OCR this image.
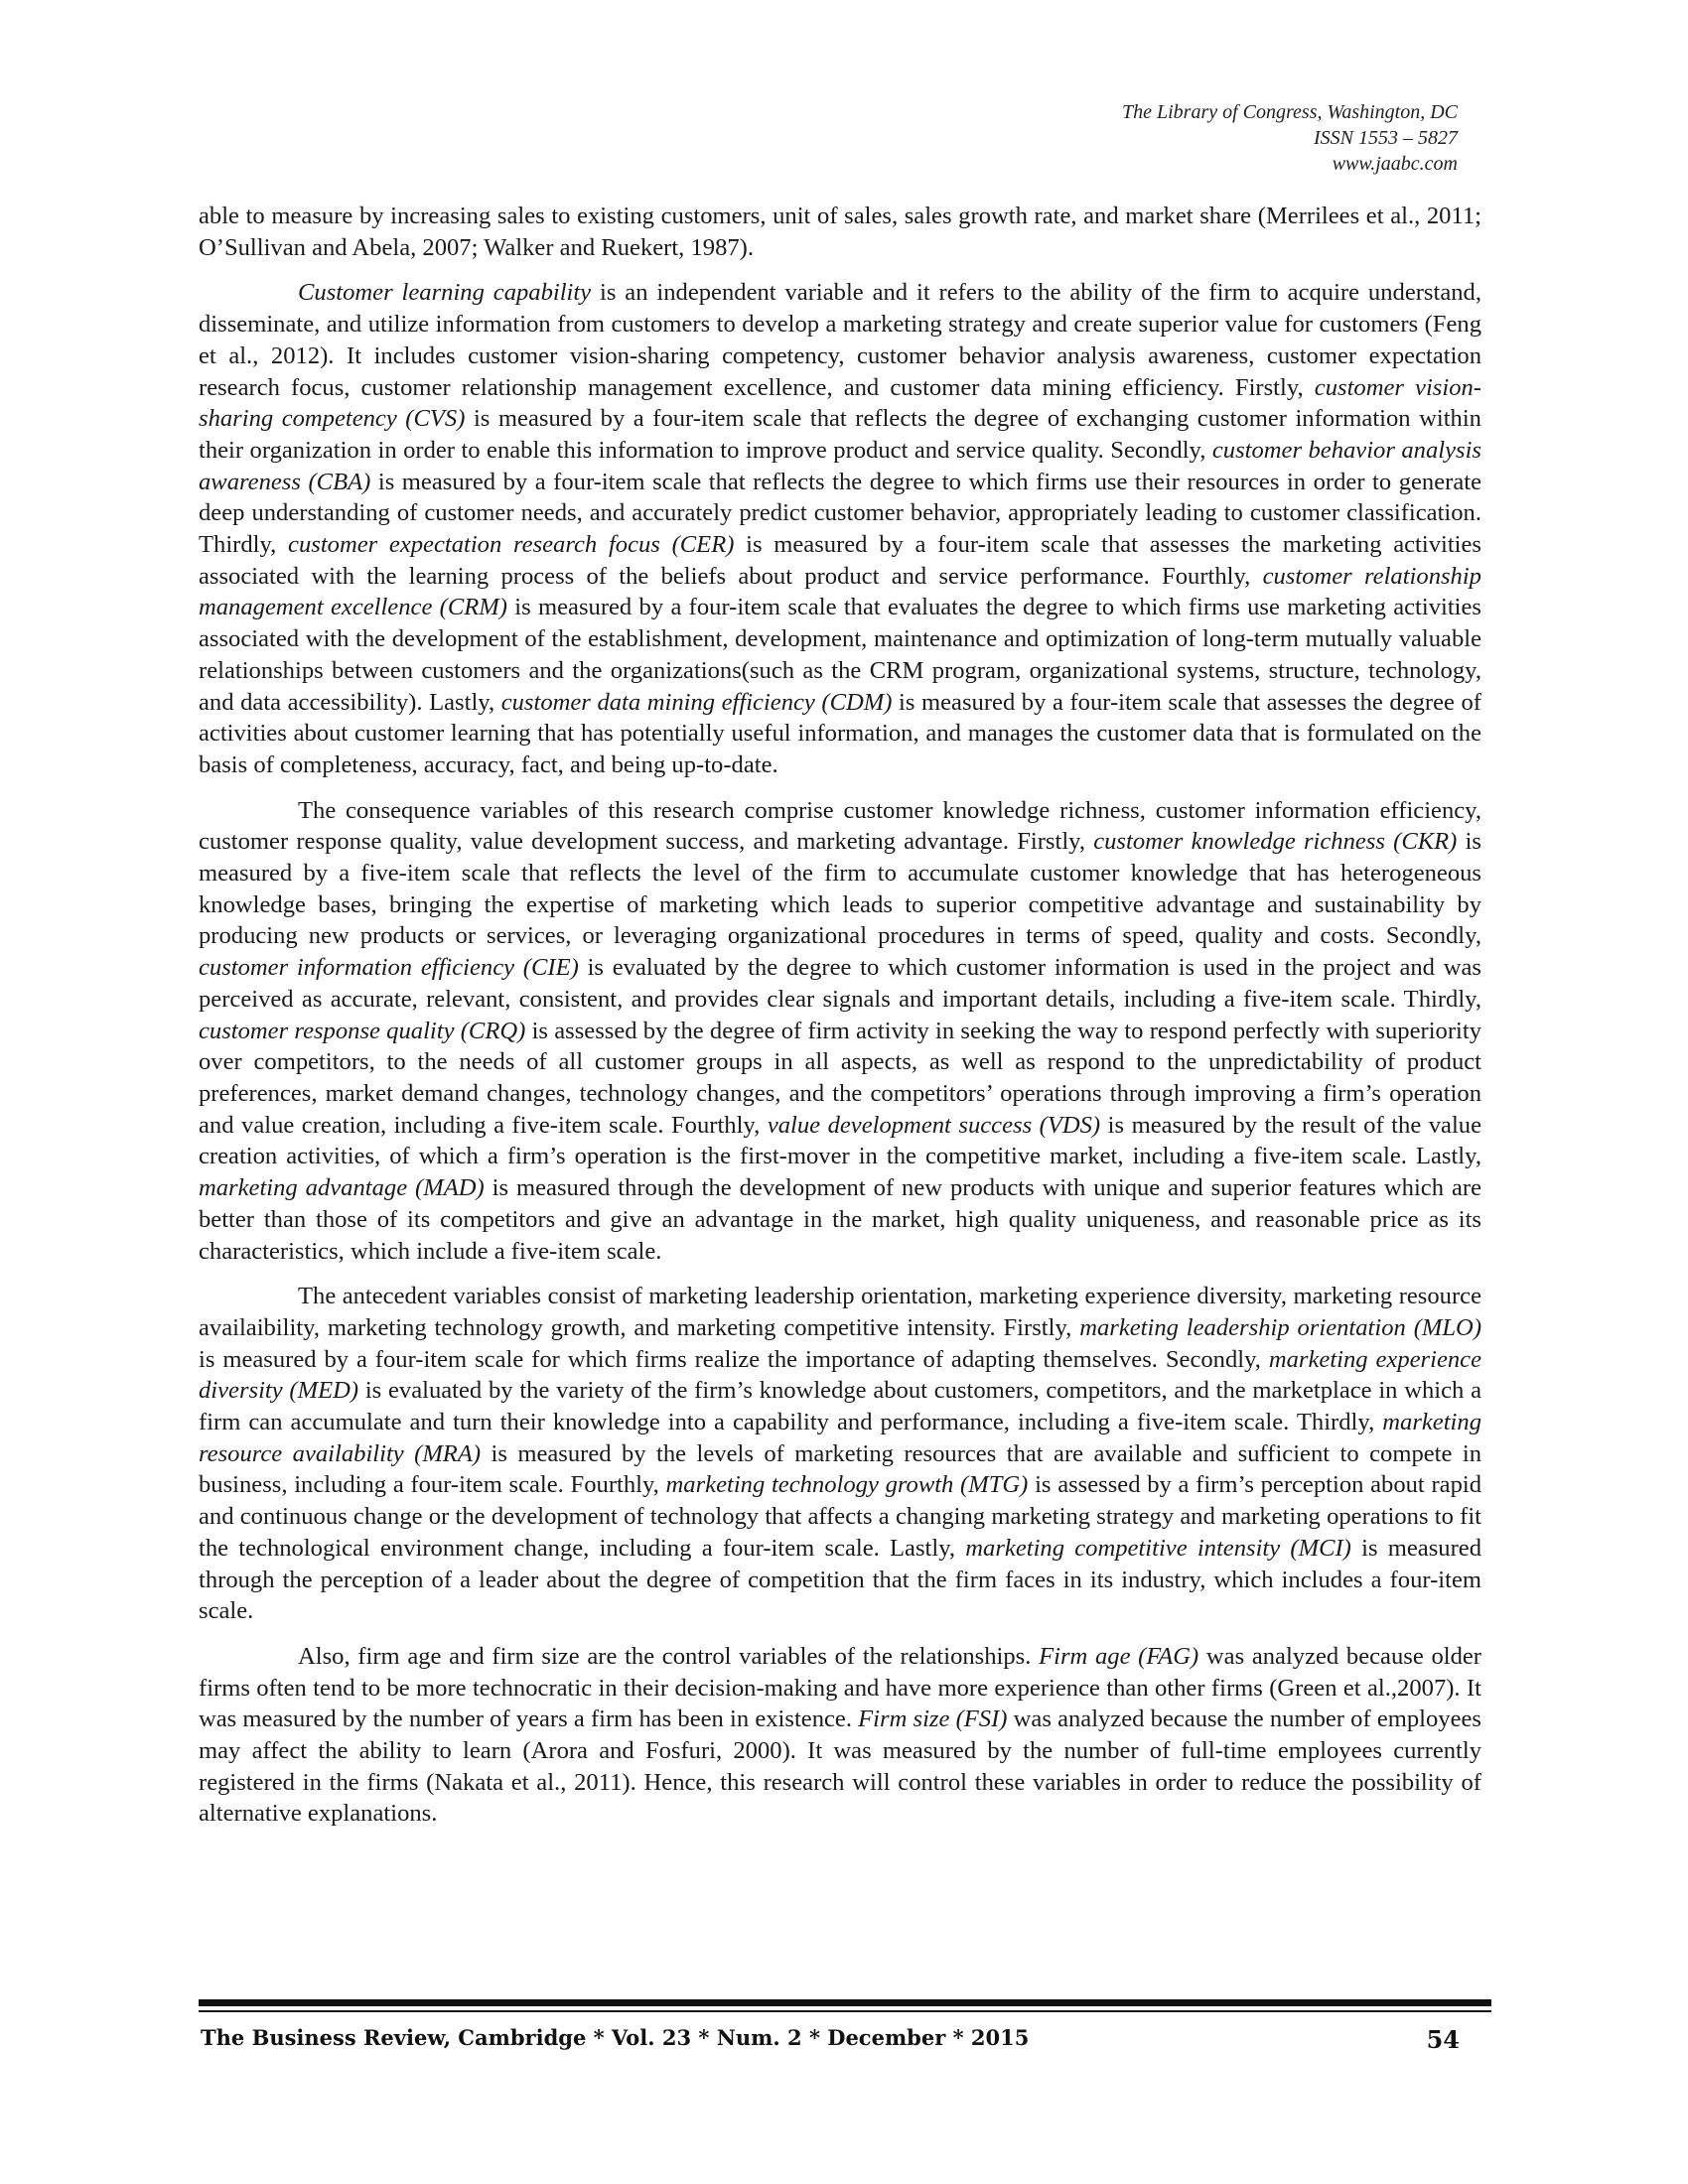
The Library of Congress, Washington, DC
ISSN 1553 – 5827
www.jaabc.com

able to measure by increasing sales to existing customers, unit of sales, sales growth rate, and market share (Merrilees et al., 2011; O’Sullivan and Abela, 2007; Walker and Ruekert, 1987).

Customer learning capability is an independent variable and it refers to the ability of the firm to acquire understand, disseminate, and utilize information from customers to develop a marketing strategy and create superior value for customers (Feng et al., 2012). It includes customer vision-sharing competency, customer behavior analysis awareness, customer expectation research focus, customer relationship management excellence, and customer data mining efficiency. Firstly, customer vision-sharing competency (CVS) is measured by a four-item scale that reflects the degree of exchanging customer information within their organization in order to enable this information to improve product and service quality. Secondly, customer behavior analysis awareness (CBA) is measured by a four-item scale that reflects the degree to which firms use their resources in order to generate deep understanding of customer needs, and accurately predict customer behavior, appropriately leading to customer classification. Thirdly, customer expectation research focus (CER) is measured by a four-item scale that assesses the marketing activities associated with the learning process of the beliefs about product and service performance. Fourthly, customer relationship management excellence (CRM) is measured by a four-item scale that evaluates the degree to which firms use marketing activities associated with the development of the establishment, development, maintenance and optimization of long-term mutually valuable relationships between customers and the organizations(such as the CRM program, organizational systems, structure, technology, and data accessibility). Lastly, customer data mining efficiency (CDM) is measured by a four-item scale that assesses the degree of activities about customer learning that has potentially useful information, and manages the customer data that is formulated on the basis of completeness, accuracy, fact, and being up-to-date.

The consequence variables of this research comprise customer knowledge richness, customer information efficiency, customer response quality, value development success, and marketing advantage. Firstly, customer knowledge richness (CKR) is measured by a five-item scale that reflects the level of the firm to accumulate customer knowledge that has heterogeneous knowledge bases, bringing the expertise of marketing which leads to superior competitive advantage and sustainability by producing new products or services, or leveraging organizational procedures in terms of speed, quality and costs. Secondly, customer information efficiency (CIE) is evaluated by the degree to which customer information is used in the project and was perceived as accurate, relevant, consistent, and provides clear signals and important details, including a five-item scale. Thirdly, customer response quality (CRQ) is assessed by the degree of firm activity in seeking the way to respond perfectly with superiority over competitors, to the needs of all customer groups in all aspects, as well as respond to the unpredictability of product preferences, market demand changes, technology changes, and the competitors’ operations through improving a firm’s operation and value creation, including a five-item scale. Fourthly, value development success (VDS) is measured by the result of the value creation activities, of which a firm’s operation is the first-mover in the competitive market, including a five-item scale. Lastly, marketing advantage (MAD) is measured through the development of new products with unique and superior features which are better than those of its competitors and give an advantage in the market, high quality uniqueness, and reasonable price as its characteristics, which include a five-item scale.

The antecedent variables consist of marketing leadership orientation, marketing experience diversity, marketing resource availaibility, marketing technology growth, and marketing competitive intensity. Firstly, marketing leadership orientation (MLO) is measured by a four-item scale for which firms realize the importance of adapting themselves. Secondly, marketing experience diversity (MED) is evaluated by the variety of the firm’s knowledge about customers, competitors, and the marketplace in which a firm can accumulate and turn their knowledge into a capability and performance, including a five-item scale. Thirdly, marketing resource availability (MRA) is measured by the levels of marketing resources that are available and sufficient to compete in business, including a four-item scale. Fourthly, marketing technology growth (MTG) is assessed by a firm’s perception about rapid and continuous change or the development of technology that affects a changing marketing strategy and marketing operations to fit the technological environment change, including a four-item scale. Lastly, marketing competitive intensity (MCI) is measured through the perception of a leader about the degree of competition that the firm faces in its industry, which includes a four-item scale.

Also, firm age and firm size are the control variables of the relationships. Firm age (FAG) was analyzed because older firms often tend to be more technocratic in their decision-making and have more experience than other firms (Green et al.,2007). It was measured by the number of years a firm has been in existence. Firm size (FSI) was analyzed because the number of employees may affect the ability to learn (Arora and Fosfuri, 2000). It was measured by the number of full-time employees currently registered in the firms (Nakata et al., 2011). Hence, this research will control these variables in order to reduce the possibility of alternative explanations.

The Business Review, Cambridge * Vol. 23 * Num. 2 * December * 2015	54
